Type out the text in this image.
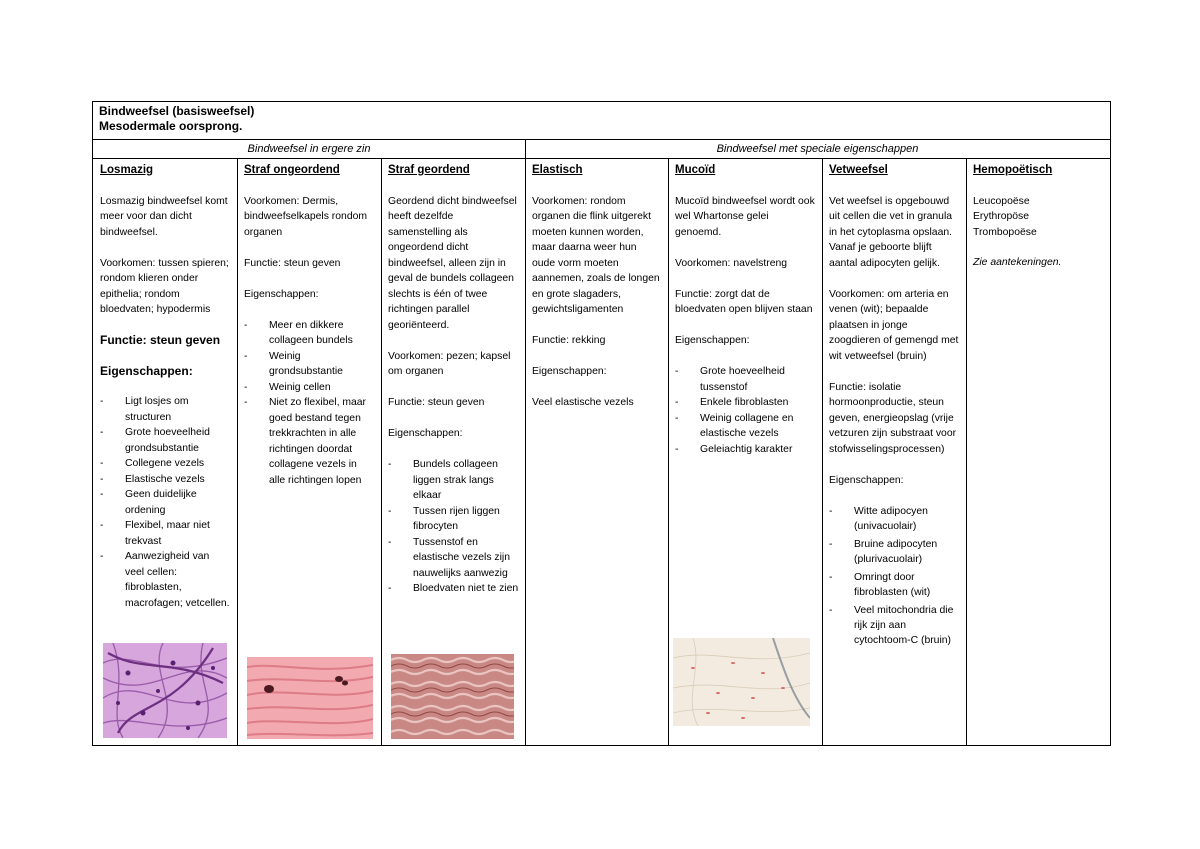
Bindweefsel (basisweefsel)
Mesodermale oorsprong.
Bindweefsel in ergere zin	Bindweefsel met speciale eigenschappen
Losmazig

Losmazig bindweefsel komt meer voor dan dicht bindweefsel.

Voorkomen: tussen spieren; rondom klieren onder epithelia; rondom bloedvaten; hypodermis

Functie: steun geven

Eigenschappen:

- Ligt losjes om structuren
- Grote hoeveelheid grondsubstantie
- Collegene vezels
- Elastische vezels
- Geen duidelijke ordening
- Flexibel, maar niet trekvast
- Aanwezigheid van veel cellen: fibroblasten, macrofagen; vetcellen.
Straf ongeordend

Voorkomen: Dermis, bindweefselkapels rondom organen

Functie: steun geven

Eigenschappen:

- Meer en dikkere collageen bundels
- Weinig grondsubstantie
- Weinig cellen
- Niet zo flexibel, maar goed bestand tegen trekkrachten in alle richtingen doordat collagene vezels in alle richtingen lopen
Straf geordend

Geordend dicht bindweefsel heeft dezelfde samenstelling als ongeordend dicht bindweefsel, alleen zijn in geval de bundels collageen slechts is één of twee richtingen parallel georiënteerd.

Voorkomen: pezen; kapsel om organen

Functie: steun geven

Eigenschappen:

- Bundels collageen liggen strak langs elkaar
- Tussen rijen liggen fibrocyten
- Tussenstof en elastische vezels zijn nauwelijks aanwezig
- Bloedvaten niet te zien
Elastisch

Voorkomen: rondom organen die flink uitgerekt moeten kunnen worden, maar daarna weer hun oude vorm moeten aannemen, zoals de longen en grote slagaders, gewichtsligamenten

Functie: rekking

Eigenschappen:

Veel elastische vezels

Mucoïd

Mucoïd bindweefsel wordt ook wel Whartonse gelei genoemd.

Voorkomen: navelstreng

Functie: zorgt dat de bloedvaten open blijven staan

Eigenschappen:

- Grote hoeveelheid tussenstof
- Enkele fibroblasten
- Weinig collagene en elastische vezels
- Geleiachtig karakter
Vetweefsel

Vet weefsel is opgebouwd uit cellen die vet in granula in het cytoplasma opslaan. Vanaf je geboorte blijft aantal adipocyten gelijk.

Voorkomen: om arteria en venen (wit); bepaalde plaatsen in jonge zoogdieren of gemengd met wit vetweefsel (bruin)

Functie: isolatie hormoonproductie, steun geven, energieopslag (vrije vetzuren zijn substraat voor stofwisselingsprocessen)

Eigenschappen:

- Witte adipocyen (univacuolair)
- Bruine adipocyten (plurivacuolair)
- Omringt door fibroblasten (wit)
- Veel mitochondria die rijk zijn aan cytochtoom-C (bruin)
Hemopoëtisch
Leucopoëse
Erythropöse
Trombopoëse

Zie aantekeningen.
